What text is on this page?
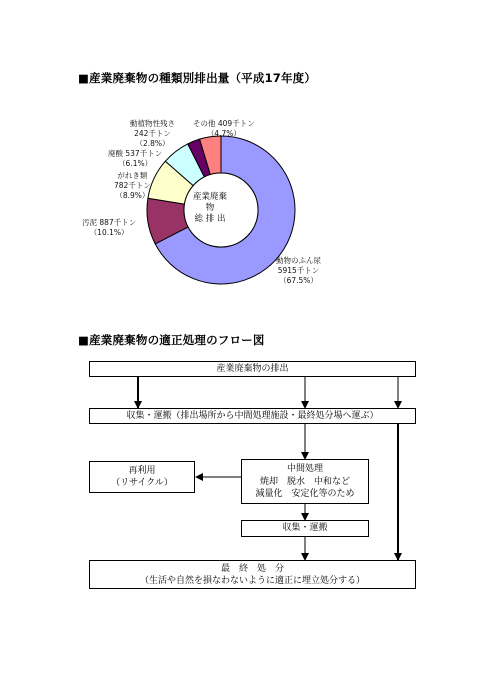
■産業廃棄物の種類別排出量（平成17年度）
産業廃棄
物
総 排 出
動物のふん尿
5915千トン
（67.5%）
汚泥 887千トン
（10.1%）
がれき類
782千トン
（8.9%）
廃酸 537千トン
（6.1%）
動植物性残さ
242千トン
（2.8%）
その他 409千トン
（4.7%）
■産業廃棄物の適正処理のフロー図
産業廃棄物の排出
収集・運搬（排出場所から中間処理施設・最終処分場へ運ぶ）
再利用
（リサイクル）
中間処理
焼却　脱水　中和など
減量化　安定化等のため
収集・運搬
最　終　処　分
（生活や自然を損なわないように適正に埋立処分する）
